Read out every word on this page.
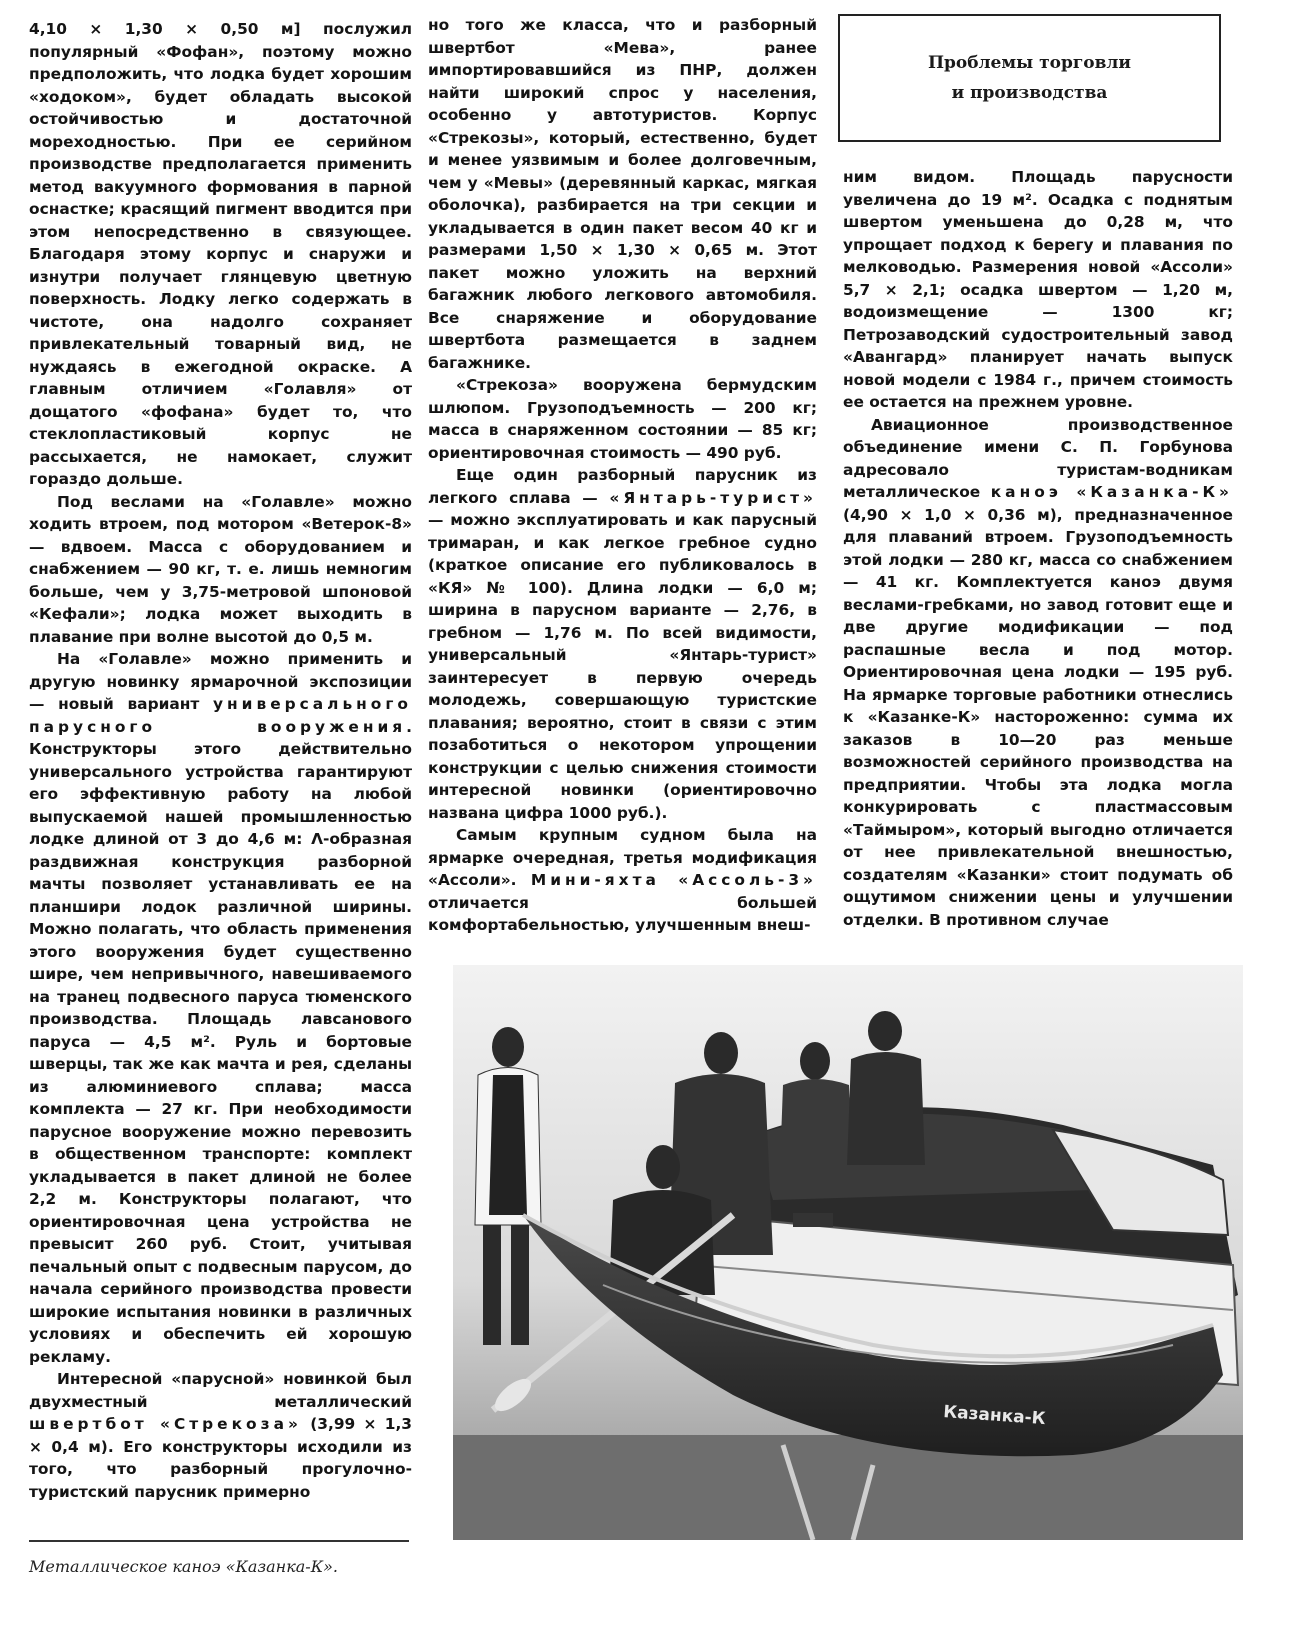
4,10 × 1,30 × 0,50 м] послужил популярный «Фофан», поэтому можно предположить, что лодка будет хорошим «ходоком», будет обладать высокой остойчивостью и достаточной мореходностью. При ее серийном производстве предполагается применить метод вакуумного формования в парной оснастке; красящий пигмент вводится при этом непосредственно в связующее. Благодаря этому корпус и снаружи и изнутри получает глянцевую цветную поверхность. Лодку легко содержать в чистоте, она надолго сохраняет привлекательный товарный вид, не нуждаясь в ежегодной окраске. А главным отличием «Голавля» от дощатого «фофана» будет то, что стеклопластиковый корпус не рассыхается, не намокает, служит гораздо дольше.

Под веслами на «Голавле» можно ходить втроем, под мотором «Ветерок-8» — вдвоем. Масса с оборудованием и снабжением — 90 кг, т. е. лишь немногим больше, чем у 3,75-метровой шпоновой «Кефали»; лодка может выходить в плавание при волне высотой до 0,5 м.

На «Голавле» можно применить и другую новинку ярмарочной экспозиции — новый вариант универсального парусного вооружения. Конструкторы этого действительно универсального устройства гарантируют его эффективную работу на любой выпускаемой нашей промышленностью лодке длиной от 3 до 4,6 м: Λ-образная раздвижная конструкция разборной мачты позволяет устанавливать ее на планшири лодок различной ширины. Можно полагать, что область применения этого вооружения будет существенно шире, чем непривычного, навешиваемого на транец подвесного паруса тюменского производства. Площадь лавсанового паруса — 4,5 м². Руль и бортовые шверцы, так же как мачта и рея, сделаны из алюминиевого сплава; масса комплекта — 27 кг. При необходимости парусное вооружение можно перевозить в общественном транспорте: комплект укладывается в пакет длиной не более 2,2 м. Конструкторы полагают, что ориентировочная цена устройства не превысит 260 руб. Стоит, учитывая печальный опыт с подвесным парусом, до начала серийного производства провести широкие испытания новинки в различных условиях и обеспечить ей хорошую рекламу.

Интересной «парусной» новинкой был двухместный металлический швертбот «Стрекоза» (3,99 × 1,3 × 0,4 м). Его конструкторы исходили из того, что разборный прогулочно-туристский парусник примерно

но того же класса, что и разборный швертбот «Мева», ранее импортировавшийся из ПНР, должен найти широкий спрос у населения, особенно у автотуристов. Корпус «Стрекозы», который, естественно, будет и менее уязвимым и более долговечным, чем у «Мевы» (деревянный каркас, мягкая оболочка), разбирается на три секции и укладывается в один пакет весом 40 кг и размерами 1,50 × 1,30 × 0,65 м. Этот пакет можно уложить на верхний багажник любого легкового автомобиля. Все снаряжение и оборудование швертбота размещается в заднем багажнике.

«Стрекоза» вооружена бермудским шлюпом. Грузоподъемность — 200 кг; масса в снаряженном состоянии — 85 кг; ориентировочная стоимость — 490 руб.

Еще один разборный парусник из легкого сплава — «Янтарь-турист» — можно эксплуатировать и как парусный тримаран, и как легкое гребное судно (краткое описание его публиковалось в «КЯ» № 100). Длина лодки — 6,0 м; ширина в парусном варианте — 2,76, в гребном — 1,76 м. По всей видимости, универсальный «Янтарь-турист» заинтересует в первую очередь молодежь, совершающую туристские плавания; вероятно, стоит в связи с этим позаботиться о некотором упрощении конструкции с целью снижения стоимости интересной новинки (ориентировочно названа цифра 1000 руб.).

Самым крупным судном была на ярмарке очередная, третья модификация «Ассоли». Мини-яхта «Ассоль-3» отличается большей комфортабельностью, улучшенным внеш-

Проблемы торговли
и производства

ним видом. Площадь парусности увеличена до 19 м². Осадка с поднятым швертом уменьшена до 0,28 м, что упрощает подход к берегу и плавания по мелководью. Размерения новой «Ассоли» 5,7 × 2,1; осадка швертом — 1,20 м, водоизмещение — 1300 кг; Петрозаводский судостроительный завод «Авангард» планирует начать выпуск новой модели с 1984 г., причем стоимость ее остается на прежнем уровне.

Авиационное производственное объединение имени С. П. Горбунова адресовало туристам-водникам металлическое каноэ «Казанка-К» (4,90 × 1,0 × 0,36 м), предназначенное для плаваний втроем. Грузоподъемность этой лодки — 280 кг, масса со снабжением — 41 кг. Комплектуется каноэ двумя веслами-гребками, но завод готовит еще и две другие модификации — под распашные весла и под мотор. Ориентировочная цена лодки — 195 руб. На ярмарке торговые работники отнеслись к «Казанке-К» настороженно: сумма их заказов в 10—20 раз меньше возможностей серийного производства на предприятии. Чтобы эта лодка могла конкурировать с пластмассовым «Таймыром», который выгодно отличается от нее привлекательной внешностью, создателям «Казанки» стоит подумать об ощутимом снижении цены и улучшении отделки. В противном случае

Казанка-К
Металлическое каноэ «Казанка-К».
